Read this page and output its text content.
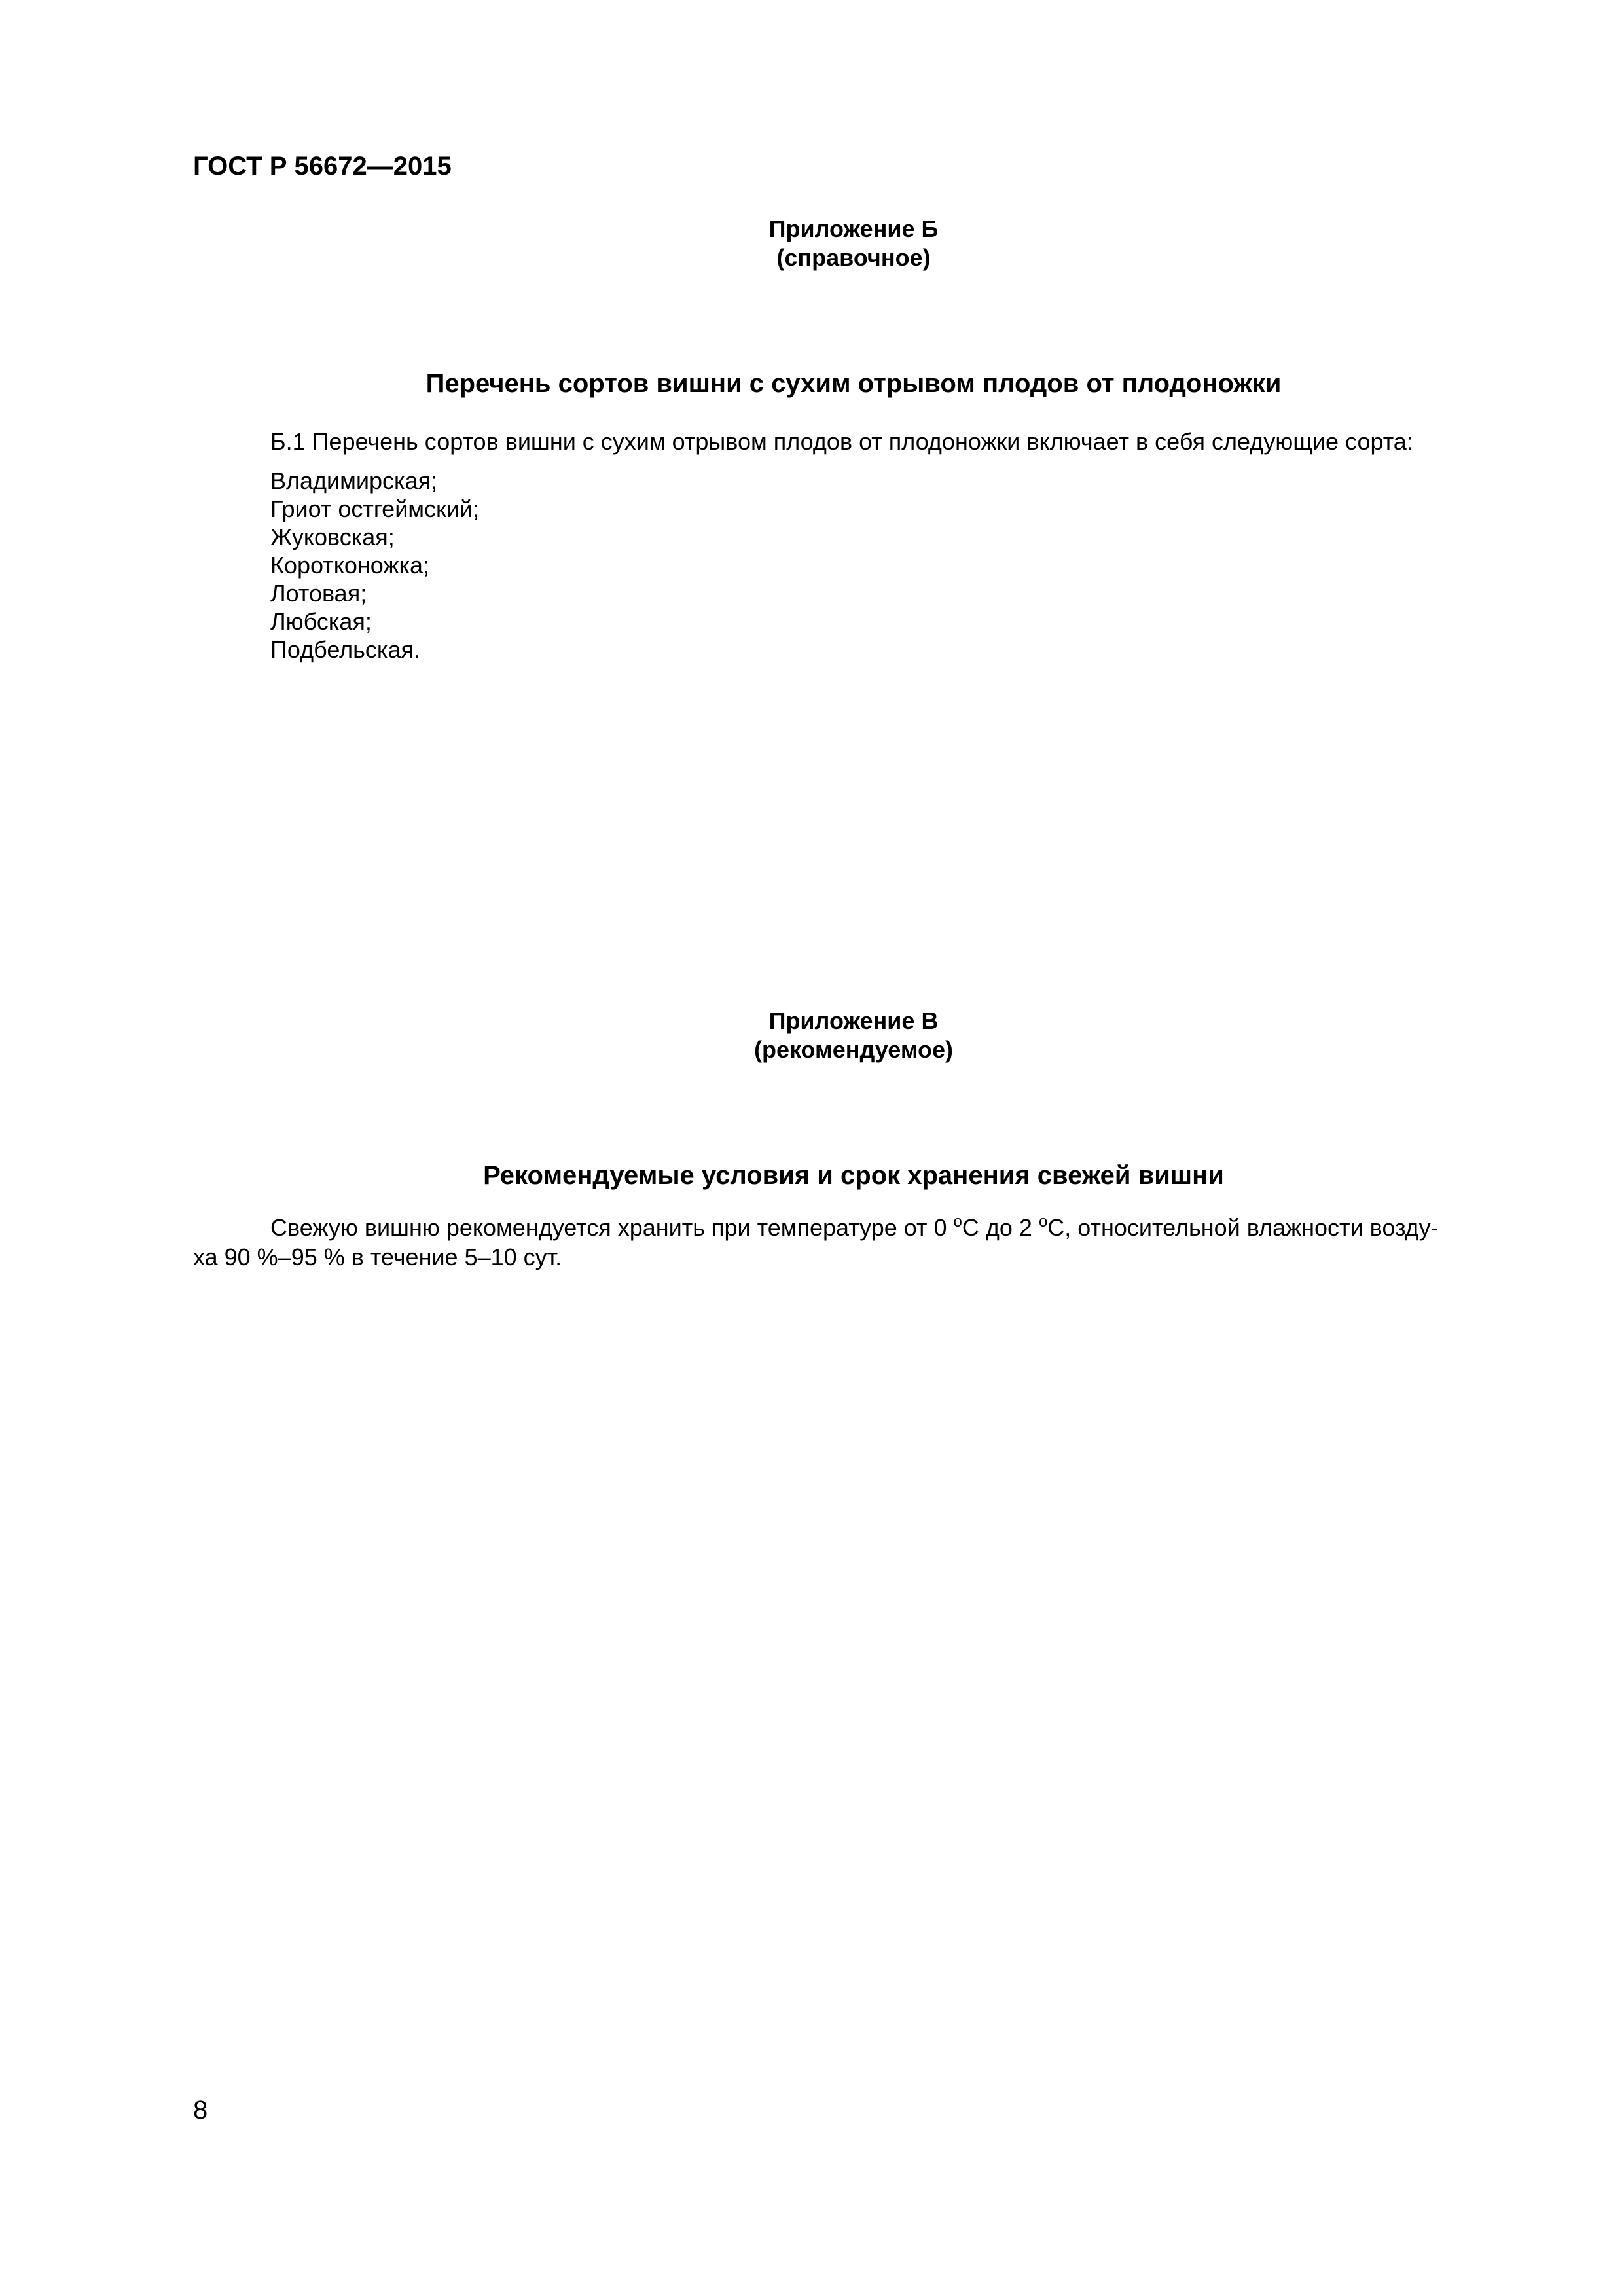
ГОСТ Р 56672—2015
Приложение Б
(справочное)
Перечень сортов вишни с сухим отрывом плодов от плодоножки
Б.1 Перечень сортов вишни с сухим отрывом плодов от плодоножки включает в себя следующие сорта:
Владимирская;
Гриот остгеймский;
Жуковская;
Коротконожка;
Лотовая;
Любская;
Подбельская.
Приложение В
(рекомендуемое)
Рекомендуемые условия и срок хранения свежей вишни
Свежую вишню рекомендуется хранить при температуре от 0 $^о$С до 2 $^о$С, относительной влажности возду-
ха 90 %–95 % в течение 5–10 сут.
8
